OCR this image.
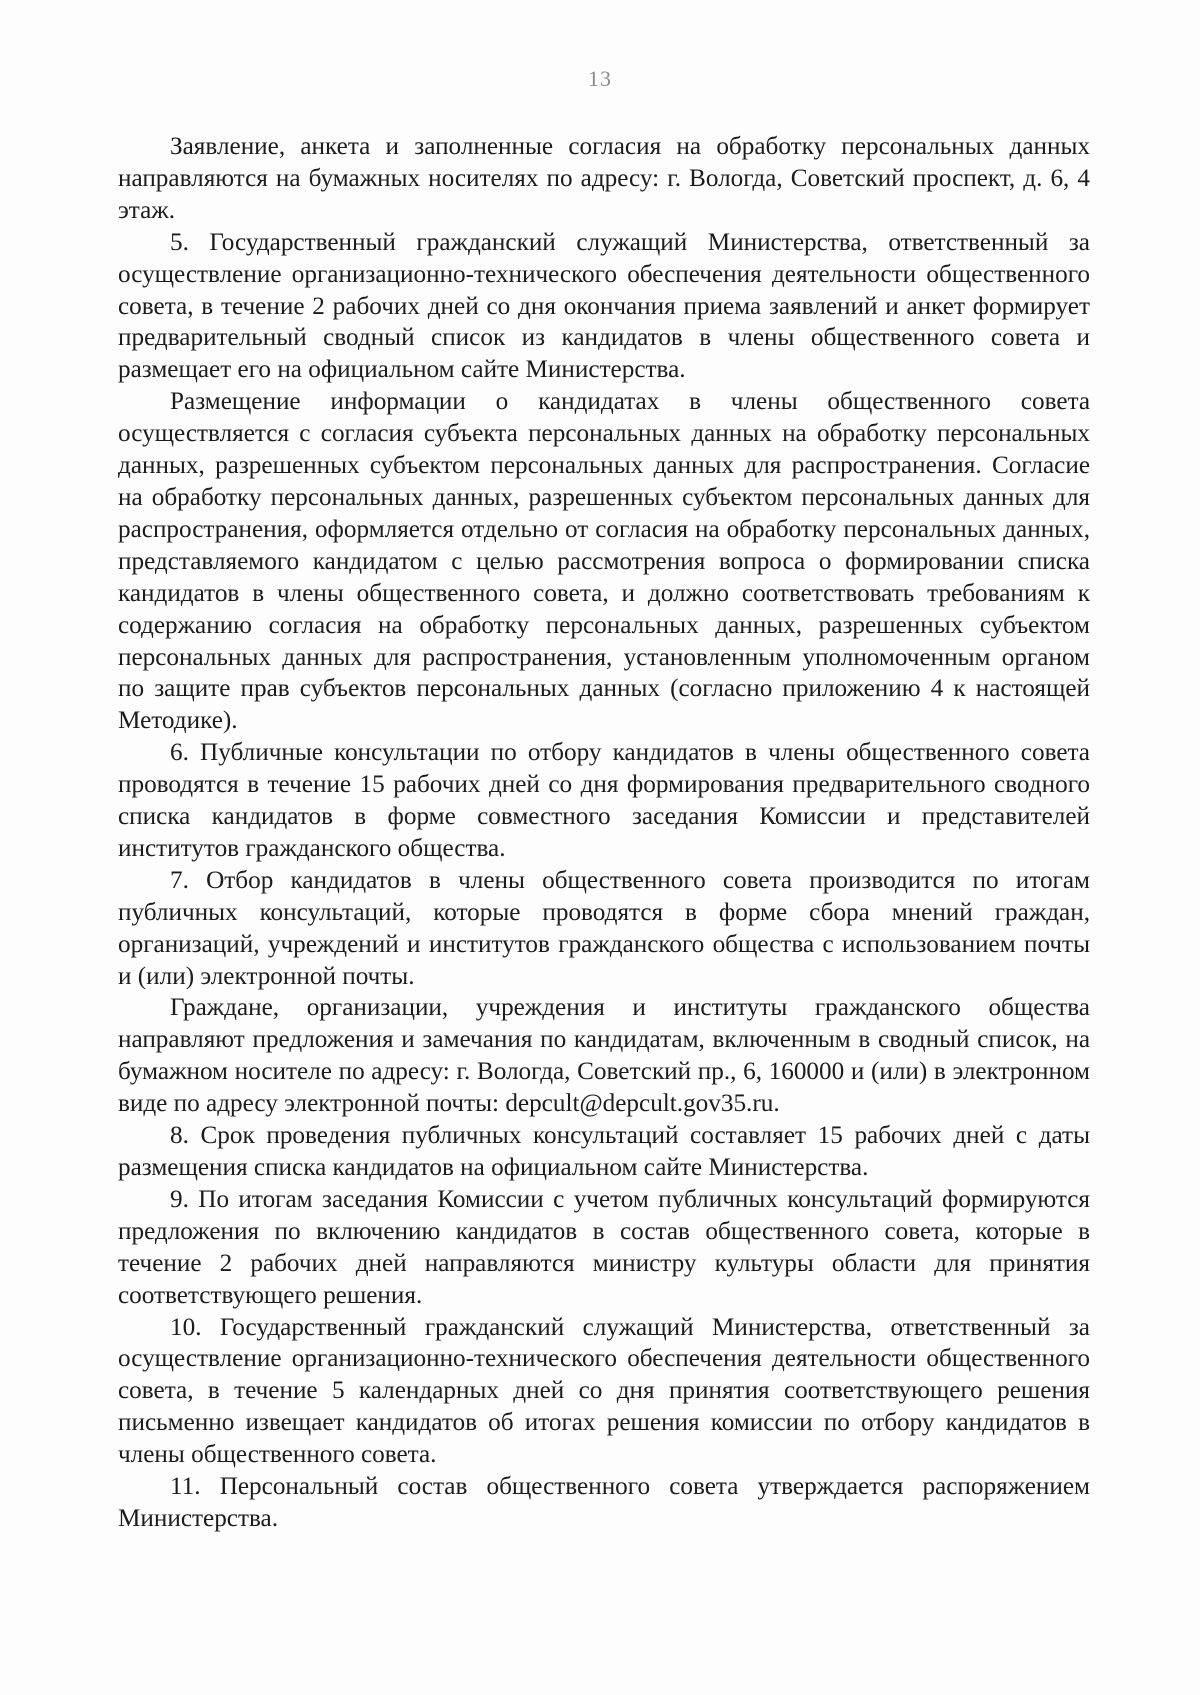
13

Заявление, анкета и заполненные согласия на обработку персональных данных направляются на бумажных носителях по адресу: г. Вологда, Советский проспект, д. 6, 4 этаж.

5. Государственный гражданский служащий Министерства, ответственный за осуществление организационно-технического обеспечения деятельности общественного совета, в течение 2 рабочих дней со дня окончания приема заявлений и анкет формирует предварительный сводный список из кандидатов в члены общественного совета и размещает его на официальном сайте Министерства.

Размещение информации о кандидатах в члены общественного совета осуществляется с согласия субъекта персональных данных на обработку персональных данных, разрешенных субъектом персональных данных для распространения. Согласие на обработку персональных данных, разрешенных субъектом персональных данных для распространения, оформляется отдельно от согласия на обработку персональных данных, представляемого кандидатом с целью рассмотрения вопроса о формировании списка кандидатов в члены общественного совета, и должно соответствовать требованиям к содержанию согласия на обработку персональных данных, разрешенных субъектом персональных данных для распространения, установленным уполномоченным органом по защите прав субъектов персональных данных (согласно приложению 4 к настоящей Методике).

6. Публичные консультации по отбору кандидатов в члены общественного совета проводятся в течение 15 рабочих дней со дня формирования предварительного сводного списка кандидатов в форме совместного заседания Комиссии и представителей институтов гражданского общества.

7. Отбор кандидатов в члены общественного совета производится по итогам публичных консультаций, которые проводятся в форме сбора мнений граждан, организаций, учреждений и институтов гражданского общества с использованием почты и (или) электронной почты.

Граждане, организации, учреждения и институты гражданского общества направляют предложения и замечания по кандидатам, включенным в сводный список, на бумажном носителе по адресу: г. Вологда, Советский пр., 6, 160000 и (или) в электронном виде по адресу электронной почты: depcult@depcult.gov35.ru.

8. Срок проведения публичных консультаций составляет 15 рабочих дней с даты размещения списка кандидатов на официальном сайте Министерства.

9. По итогам заседания Комиссии с учетом публичных консультаций формируются предложения по включению кандидатов в состав общественного совета, которые в течение 2 рабочих дней направляются министру культуры области для принятия соответствующего решения.

10. Государственный гражданский служащий Министерства, ответственный за осуществление организационно-технического обеспечения деятельности общественного совета, в течение 5 календарных дней со дня принятия соответствующего решения письменно извещает кандидатов об итогах решения комиссии по отбору кандидатов в члены общественного совета.

11. Персональный состав общественного совета утверждается распоряжением Министерства.
